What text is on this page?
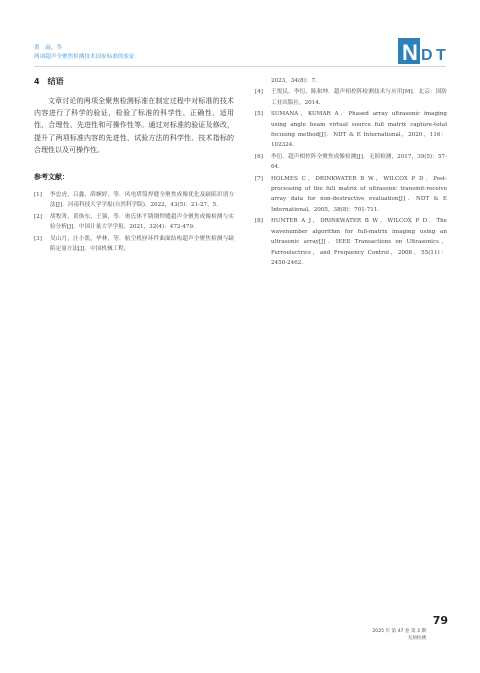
黄　焱，等
两项超声全聚焦检测技术国家标准的验证	N D T
4　结语

文章讨论的两项全聚焦检测标准在制定过程中对标准的技术内容进行了科学的验证，检验了标准的科学性、正确性、适用性、合理性、先进性和可操作性等。通过对标准的验证及修改，提升了两项标准内容的先进性、试验方法的科学性、技术指标的合理性以及可操作性。

参考文献：
[1]	李忠虎，吕鑫，薛婉婷，等．风电塔筒焊缝全聚焦成像优化及缺陷识别方法[J]．河南科技大学学报(自然科学版)，2022，43(5)：21-27，5．
[2]	胡牧箐，黄焕东，王强，等．奥氏体不锈钢焊缝超声全聚焦成像检测与实验分析[J]．中国计量大学学报，2021，32(4)：472-479．
[3]	吴山月，汪小凯，华林，等．航空机匣环件曲面结构超声全聚焦检测与缺陷定量方法[J]．中国机械工程，
2023，34(8)：7．
[4]	王悦民，李衍，陈和坤．超声相控阵检测技术与应用[M]．北京：国防工业出版社，2014．
[5]	SUMANA，KUMAR A．Phased array ultrasonic imaging using angle beam virtual source full matrix capture-total focusing method[J]．NDT & E International，2020，116：102324．
[6]	李衍．超声相控阵全聚焦成像检测[J]．无损检测，2017，39(5)：57-64．
[7]	HOLMES C，DRINKWATER B W，WILCOX P D．Post-processing of the full matrix of ultrasonic transmit-receive array data for non-destructive evaluation[J]．NDT & E International，2005，38(8)：701-711．
[8]	HUNTER A J，DRINKWATER B W，WILCOX P D．The wavenumber algorithm for full-matrix imaging using an ultrasonic array[J]．IEEE Transactions on Ultrasonics，Ferroelectrics，and Frequency Control，2008，55(11)：2450-2462．
79
2025 年 第 47 卷 第 3 期
无损检测
